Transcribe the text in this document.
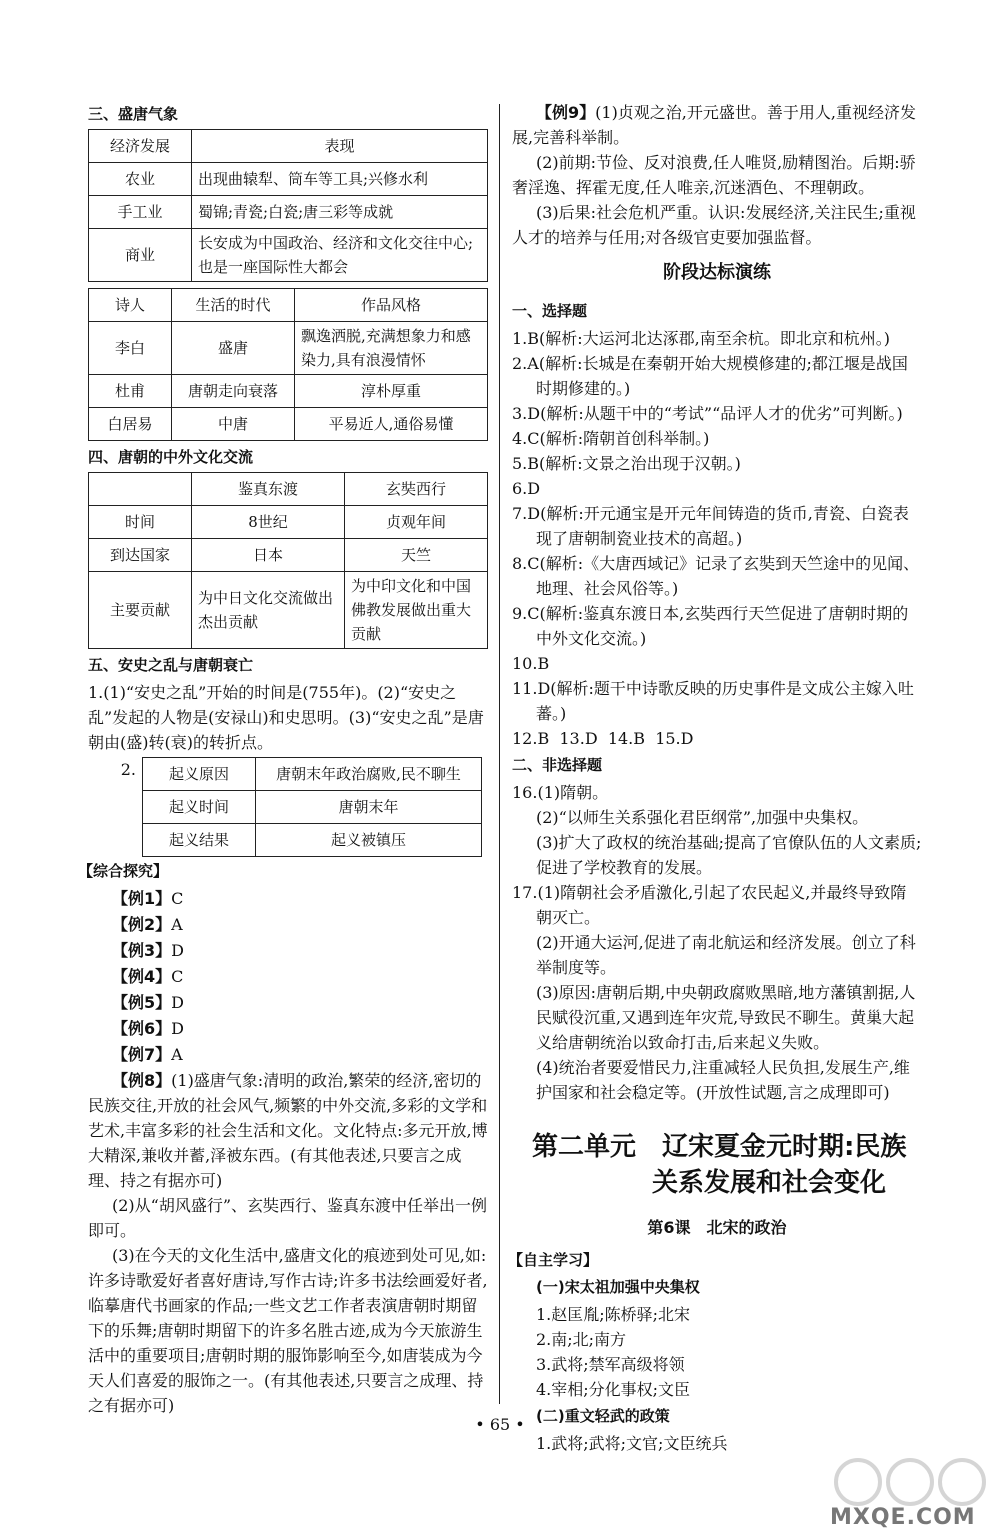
三、盛唐气象
经济发展	表现
农业	出现曲辕犁、筒车等工具;兴修水利
手工业	蜀锦;青瓷;白瓷;唐三彩等成就
商业	长安成为中国政治、经济和文化交往中心;也是一座国际性大都会
诗人	生活的时代	作品风格
李白	盛唐	飘逸洒脱,充满想象力和感染力,具有浪漫情怀
杜甫	唐朝走向衰落	淳朴厚重
白居易	中唐	平易近人,通俗易懂
四、唐朝的中外文化交流
	鉴真东渡	玄奘西行
时间	8世纪	贞观年间
到达国家	日本	天竺
主要贡献	为中日文化交流做出杰出贡献	为中印文化和中国佛教发展做出重大贡献
五、安史之乱与唐朝衰亡

1.(1)“安史之乱”开始的时间是(755年)。(2)“安史之乱”发起的人物是(安禄山)和史思明。(3)“安史之乱”是唐朝由(盛)转(衰)的转折点。

2.	起义原因	唐朝末年政治腐败,民不聊生
起义时间	唐朝末年
起义结果	起义被镇压
【综合探究】

【例1】C

【例2】A

【例3】D

【例4】C

【例5】D

【例6】D

【例7】A

【例8】(1)盛唐气象:清明的政治,繁荣的经济,密切的民族交往,开放的社会风气,频繁的中外交流,多彩的文学和艺术,丰富多彩的社会生活和文化。文化特点:多元开放,博大精深,兼收并蓄,泽被东西。(有其他表述,只要言之成理、持之有据亦可)

(2)从“胡风盛行”、玄奘西行、鉴真东渡中任举出一例即可。

(3)在今天的文化生活中,盛唐文化的痕迹到处可见,如:许多诗歌爱好者喜好唐诗,写作古诗;许多书法绘画爱好者,临摹唐代书画家的作品;一些文艺工作者表演唐朝时期留下的乐舞;唐朝时期留下的许多名胜古迹,成为今天旅游生活中的重要项目;唐朝时期的服饰影响至今,如唐装成为今天人们喜爱的服饰之一。(有其他表述,只要言之成理、持之有据亦可)

【例9】(1)贞观之治,开元盛世。善于用人,重视经济发展,完善科举制。

(2)前期:节俭、反对浪费,任人唯贤,励精图治。后期:骄奢淫逸、挥霍无度,任人唯亲,沉迷酒色、不理朝政。

(3)后果:社会危机严重。认识:发展经济,关注民生;重视人才的培养与任用;对各级官吏要加强监督。

阶段达标演练
一、选择题

1.B(解析:大运河北达涿郡,南至余杭。即北京和杭州。)

2.A(解析:长城是在秦朝开始大规模修建的;都江堰是战国时期修建的。)

3.D(解析:从题干中的“考试”“品评人才的优劣”可判断。)

4.C(解析:隋朝首创科举制。)

5.B(解析:文景之治出现于汉朝。)

6.D

7.D(解析:开元通宝是开元年间铸造的货币,青瓷、白瓷表现了唐朝制瓷业技术的高超。)

8.C(解析:《大唐西域记》记录了玄奘到天竺途中的见闻、地理、社会风俗等。)

9.C(解析:鉴真东渡日本,玄奘西行天竺促进了唐朝时期的中外文化交流。)

10.B

11.D(解析:题干中诗歌反映的历史事件是文成公主嫁入吐蕃。)

12.B  13.D  14.B  15.D

二、非选择题

16.(1)隋朝。

(2)“以师生关系强化君臣纲常”,加强中央集权。

(3)扩大了政权的统治基础;提高了官僚队伍的人文素质;促进了学校教育的发展。

17.(1)隋朝社会矛盾激化,引起了农民起义,并最终导致隋朝灭亡。

(2)开通大运河,促进了南北航运和经济发展。创立了科举制度等。

(3)原因:唐朝后期,中央朝政腐败黑暗,地方藩镇割据,人民赋役沉重,又遇到连年灾荒,导致民不聊生。黄巢大起义给唐朝统治以致命打击,后来起义失败。

(4)统治者要爱惜民力,注重减轻人民负担,发展生产,维护国家和社会稳定等。(开放性试题,言之成理即可)

第二单元　辽宋夏金元时期:民族
关系发展和社会变化
第6课　北宋的政治
【自主学习】
(一)宋太祖加强中央集权

1.赵匡胤;陈桥驿;北宋

2.南;北;南方

3.武将;禁军高级将领

4.宰相;分化事权;文臣

(二)重文轻武的政策

1.武将;武将;文官;文臣统兵

• 65 •
MXQE.COM
